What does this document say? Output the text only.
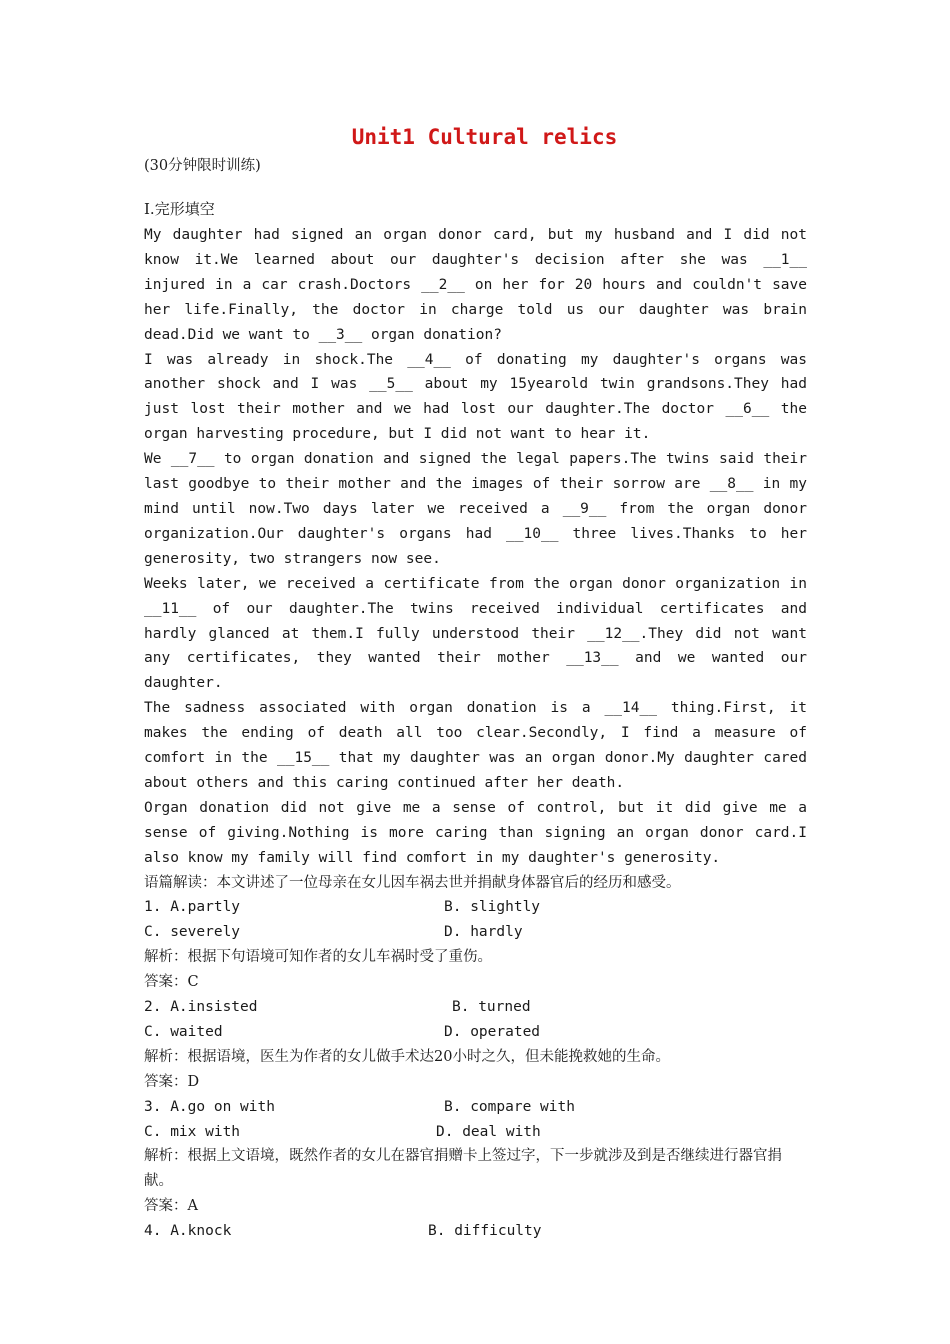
Unit1 Cultural relics
(30分钟限时训练)
I.完形填空

My daughter had signed an organ donor card, but my husband and I did not know it.We learned about our daughter's decision after she was __1__ injured in a car crash.Doctors __2__ on her for 20 hours and couldn't save her life.Finally, the doctor in charge told us our daughter was brain dead.Did we want to __3__ organ donation?

I was already in shock.The __4__ of donating my daughter's organs was another shock and I was __5__ about my 15yearold twin grandsons.They had just lost their mother and we had lost our daughter.The doctor __6__ the organ harvesting procedure, but I did not want to hear it.

We __7__ to organ donation and signed the legal papers.The twins said their last goodbye to their mother and the images of their sorrow are __8__ in my mind until now.Two days later we received a __9__ from the organ donor organization.Our daughter's organs had __10__ three lives.Thanks to her generosity, two strangers now see.

Weeks later, we received a certificate from the organ donor organization in __11__ of our daughter.The twins received individual certificates and hardly glanced at them.I fully understood their __12__.They did not want any certificates, they wanted their mother __13__ and we wanted our daughter.

The sadness associated with organ donation is a __14__ thing.First, it makes the ending of death all too clear.Secondly, I find a measure of comfort in the __15__ that my daughter was an organ donor.My daughter cared about others and this caring continued after her death.

Organ donation did not give me a sense of control, but it did give me a sense of giving.Nothing is more caring than signing an organ donor card.I also know my family will find comfort in my daughter's generosity.

语篇解读：本文讲述了一位母亲在女儿因车祸去世并捐献身体器官后的经历和感受。
1. A.partly	B. slightly
C. severely	D. hardly
解析：根据下句语境可知作者的女儿车祸时受了重伤。
答案：C
2. A.insisted	B. turned
C. waited	D. operated
解析：根据语境，医生为作者的女儿做手术达20小时之久，但未能挽救她的生命。
答案：D
3. A.go on with	B. compare with
C. mix with	D. deal with
解析：根据上文语境，既然作者的女儿在器官捐赠卡上签过字，下一步就涉及到是否继续进行器官捐献。
答案：A
4. A.knock	B. difficulty
